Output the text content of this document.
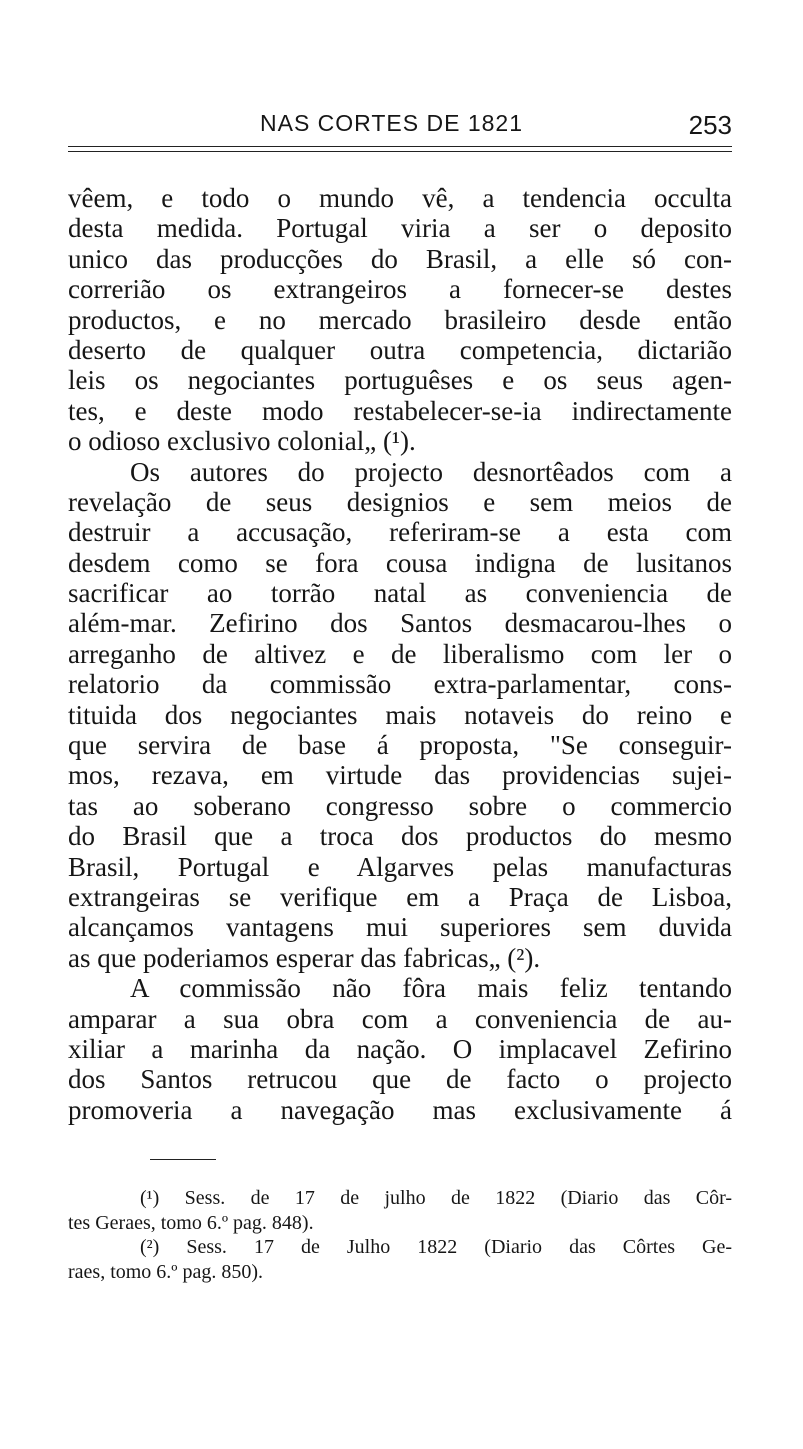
NAS CORTES DE 1821	253
vêem, e todo o mundo vê, a tendencia occulta
desta medida. Portugal viria a ser o deposito
unico das producções do Brasil, a elle só con-
correrião os extrangeiros a fornecer-se destes
productos, e no mercado brasileiro desde então
deserto de qualquer outra competencia, dictarião
leis os negociantes portuguêses e os seus agen-
tes, e deste modo restabelecer-se-ia indirectamente
o odioso exclusivo colonial„ (¹).
Os autores do projecto desnortêados com a
revelação de seus designios e sem meios de
destruir a accusação, referiram-se a esta com
desdem como se fora cousa indigna de lusitanos
sacrificar ao torrão natal as conveniencia de
além-mar. Zefirino dos Santos desmacarou-lhes o
arreganho de altivez e de liberalismo com ler o
relatorio da commissão extra-parlamentar, cons-
tituida dos negociantes mais notaveis do reino e
que servira de base á proposta, "Se conseguir-
mos, rezava, em virtude das providencias sujei-
tas ao soberano congresso sobre o commercio
do Brasil que a troca dos productos do mesmo
Brasil, Portugal e Algarves pelas manufacturas
extrangeiras se verifique em a Praça de Lisboa,
alcançamos vantagens mui superiores sem duvida
as que poderiamos esperar das fabricas„ (²).
A commissão não fôra mais feliz tentando
amparar a sua obra com a conveniencia de au-
xiliar a marinha da nação. O implacavel Zefirino
dos Santos retrucou que de facto o projecto
promoveria a navegação mas exclusivamente á
(¹) Sess. de 17 de julho de 1822 (Diario das Côr-
tes Geraes, tomo 6.º pag. 848).
(²) Sess. 17 de Julho 1822 (Diario das Côrtes Ge-
raes, tomo 6.º pag. 850).
